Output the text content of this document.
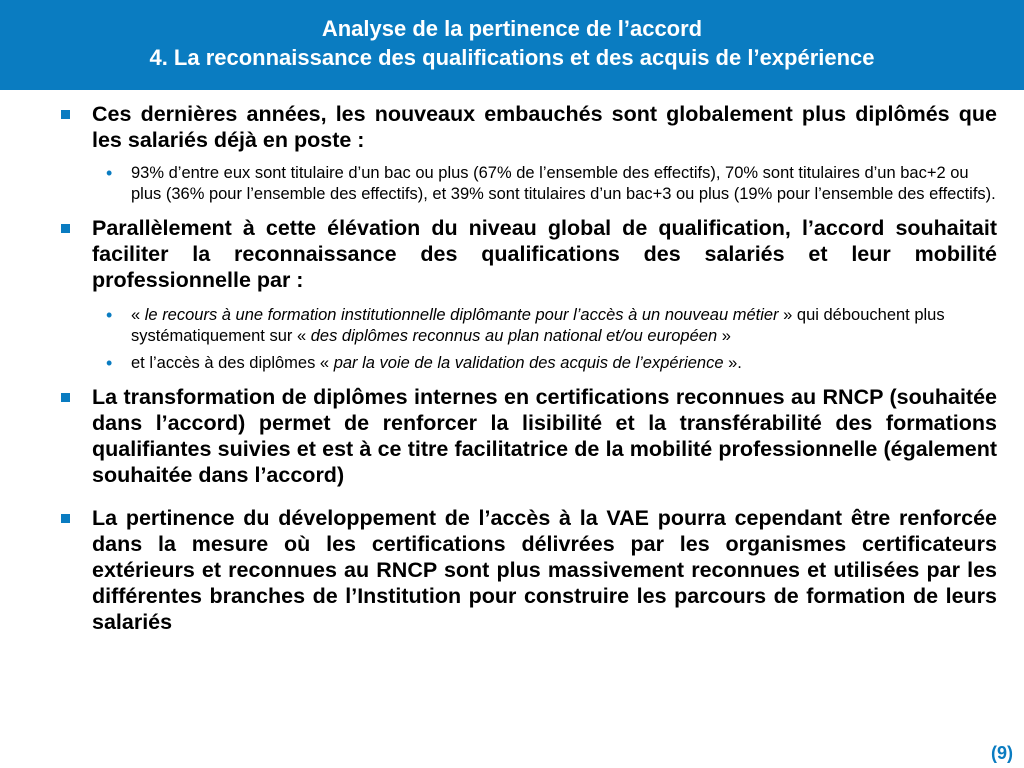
Analyse de la pertinence de l’accord
4. La reconnaissance des qualifications et des acquis de l’expérience
Ces dernières années, les nouveaux embauchés sont globalement plus diplômés que les salariés déjà en poste :
• 93% d’entre eux sont titulaire d’un bac ou plus (67% de l’ensemble des effectifs), 70% sont titulaires d’un bac+2 ou plus (36% pour l’ensemble des effectifs), et 39% sont titulaires d’un bac+3 ou plus (19% pour l’ensemble des effectifs).
Parallèlement à cette élévation du niveau global de qualification, l’accord souhaitait faciliter la reconnaissance des qualifications des salariés et leur mobilité professionnelle par :
• « le recours à une formation institutionnelle diplômante pour l’accès à un nouveau métier » qui débouchent plus systématiquement sur « des diplômes reconnus au plan national et/ou européen »
• et l’accès à des diplômes « par la voie de la validation des acquis de l’expérience ».
La transformation de diplômes internes en certifications reconnues au RNCP (souhaitée dans l’accord) permet de renforcer la lisibilité et la transférabilité des formations qualifiantes suivies et est à ce titre facilitatrice de la mobilité professionnelle (également souhaitée dans l’accord)
La pertinence du développement de l’accès à la VAE pourra cependant être renforcée dans la mesure où les certifications délivrées par les organismes certificateurs extérieurs et reconnues au RNCP sont plus massivement reconnues et utilisées par les différentes branches de l’Institution pour construire les parcours de formation de leurs salariés
(9)
